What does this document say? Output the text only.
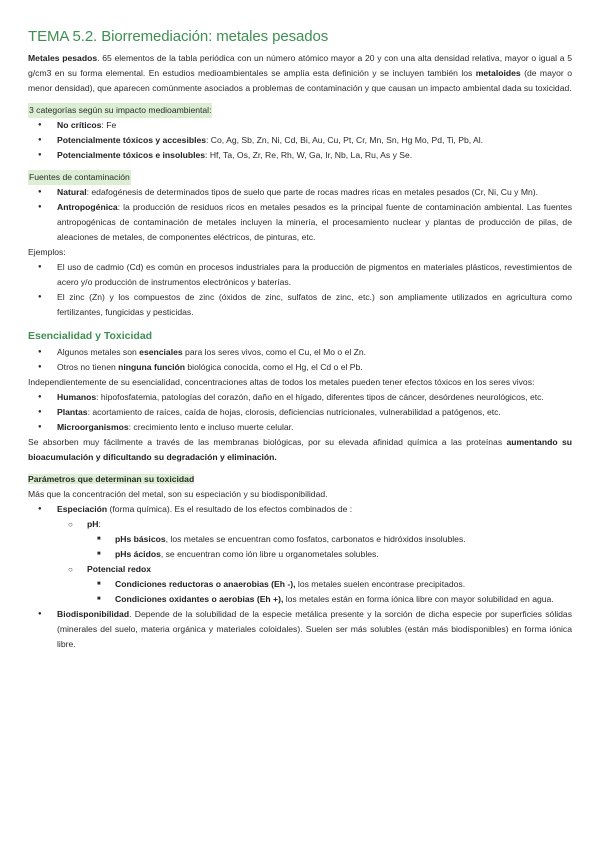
TEMA 5.2. Biorremediación: metales pesados

Metales pesados. 65 elementos de la tabla periódica con un número atómico mayor a 20 y con una alta densidad relativa, mayor o igual a 5 g/cm3 en su forma elemental. En estudios medioambientales se amplía esta definición y se incluyen también los metaloides (de mayor o menor densidad), que aparecen comúnmente asociados a problemas de contaminación y que causan un impacto ambiental dada su toxicidad.

3 categorías según su impacto medioambiental:
● No críticos: Fe
● Potencialmente tóxicos y accesibles: Co, Ag, Sb, Zn, Ni, Cd, Bi, Au, Cu, Pt, Cr, Mn, Sn, Hg Mo, Pd, Ti, Pb, Al.
● Potencialmente tóxicos e insolubles: Hf, Ta, Os, Zr, Re, Rh, W, Ga, Ir, Nb, La, Ru, As y Se.
Fuentes de contaminación
● Natural: edafogénesis de determinados tipos de suelo que parte de rocas madres ricas en metales pesados (Cr, Ni, Cu y Mn).
● Antropogénica: la producción de residuos ricos en metales pesados es la principal fuente de contaminación ambiental. Las fuentes antropogénicas de contaminación de metales incluyen la minería, el procesamiento nuclear y plantas de producción de pilas, de aleaciones de metales, de componentes eléctricos, de pinturas, etc.

Ejemplos:

● El uso de cadmio (Cd) es común en procesos industriales para la producción de pigmentos en materiales plásticos, revestimientos de acero y/o producción de instrumentos electrónicos y baterías.
● El zinc (Zn) y los compuestos de zinc (óxidos de zinc, sulfatos de zinc, etc.) son ampliamente utilizados en agricultura como fertilizantes, fungicidas y pesticidas.
Esencialidad y Toxicidad
● Algunos metales son esenciales para los seres vivos, como el Cu, el Mo o el Zn.
● Otros no tienen ninguna función biológica conocida, como el Hg, el Cd o el Pb.

Independientemente de su esencialidad, concentraciones altas de todos los metales pueden tener efectos tóxicos en los seres vivos:

● Humanos: hipofosfatemia, patologías del corazón, daño en el hígado, diferentes tipos de cáncer, desórdenes neurológicos, etc.
● Plantas: acortamiento de raíces, caída de hojas, clorosis, deficiencias nutricionales, vulnerabilidad a patógenos, etc.
● Microorganismos: crecimiento lento e incluso muerte celular.

Se absorben muy fácilmente a través de las membranas biológicas, por su elevada afinidad química a las proteínas aumentando su bioacumulación y dificultando su degradación y eliminación.

Parámetros que determinan su toxicidad

Más que la concentración del metal, son su especiación y su biodisponibilidad.

● Especiación (forma química). Es el resultado de los efectos combinados de :
○ pH:
■ pHs básicos, los metales se encuentran como fosfatos, carbonatos e hidróxidos insolubles.
■ pHs ácidos, se encuentran como ión libre u organometales solubles.
○ Potencial redox
■ Condiciones reductoras o anaerobias (Eh -), los metales suelen encontrase precipitados.
■ Condiciones oxidantes o aerobias (Eh +), los metales están en forma iónica libre con mayor solubilidad en agua.
● Biodisponibilidad. Depende de la solubilidad de la especie metálica presente y la sorción de dicha especie por superficies sólidas (minerales del suelo, materia orgánica y materiales coloidales). Suelen ser más solubles (están más biodisponibles) en forma iónica libre.
